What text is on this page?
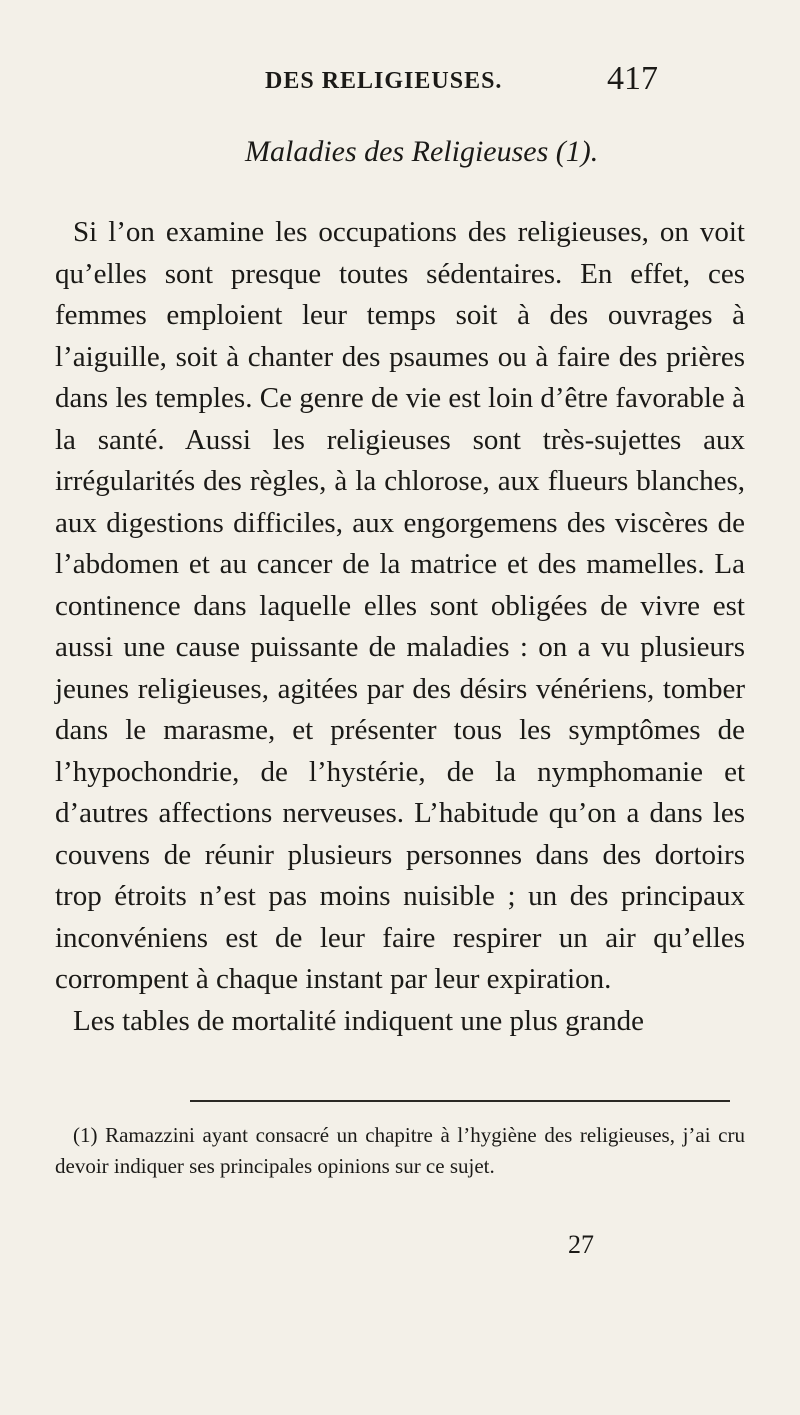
DES RELIGIEUSES.	417
Maladies des Religieuses (1).

Si l’on examine les occupations des religieuses, on voit qu’elles sont presque toutes sédentaires. En effet, ces femmes emploient leur temps soit à des ouvrages à l’aiguille, soit à chanter des psaumes ou à faire des prières dans les temples. Ce genre de vie est loin d’être favorable à la santé. Aussi les religieuses sont très-sujettes aux irrégularités des règles, à la chlorose, aux flueurs blanches, aux digestions difficiles, aux engorgemens des viscères de l’abdomen et au cancer de la matrice et des mamelles. La continence dans laquelle elles sont obligées de vivre est aussi une cause puissante de maladies : on a vu plusieurs jeunes religieuses, agitées par des désirs vénériens, tomber dans le marasme, et présenter tous les symptômes de l’hypochondrie, de l’hystérie, de la nymphomanie et d’autres affections nerveuses. L’habitude qu’on a dans les couvens de réunir plusieurs personnes dans des dortoirs trop étroits n’est pas moins nuisible ; un des principaux inconvéniens est de leur faire respirer un air qu’elles corrompent à chaque instant par leur expiration.

Les tables de mortalité indiquent une plus grande

(1) Ramazzini ayant consacré un chapitre à l’hygiène des religieuses, j’ai cru devoir indiquer ses principales opinions sur ce sujet.

27
